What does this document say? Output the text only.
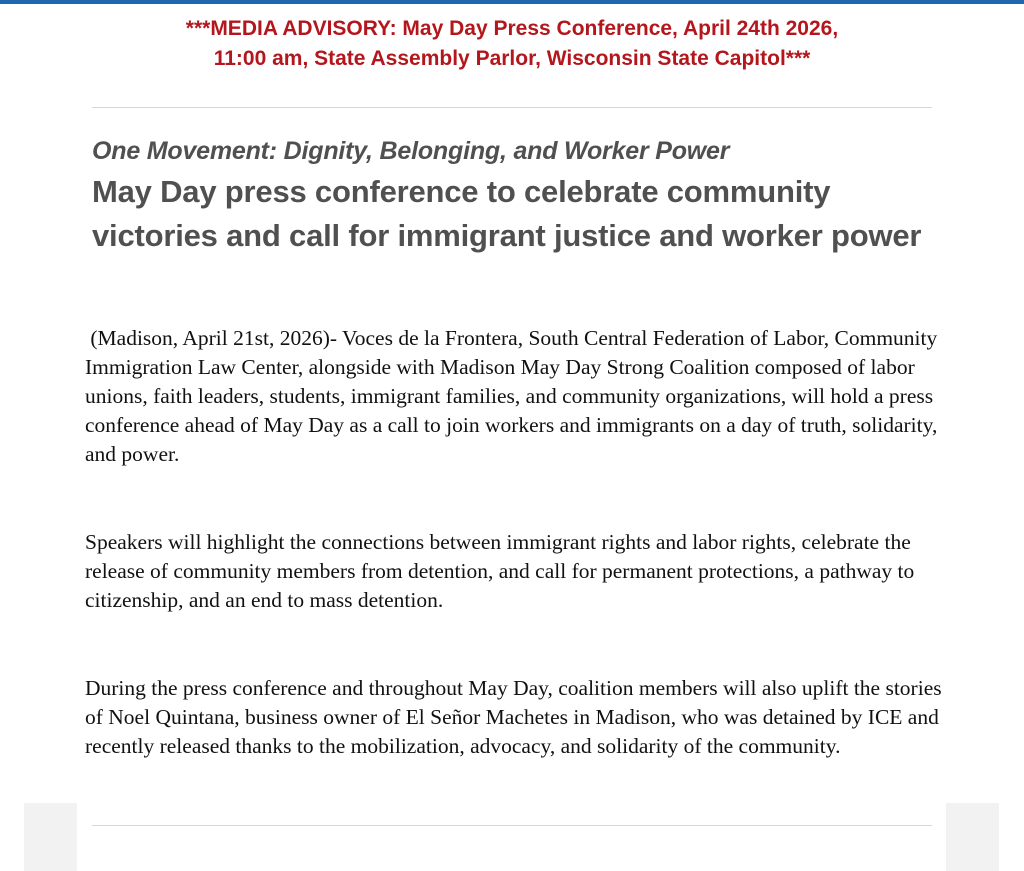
***MEDIA ADVISORY: May Day Press Conference, April 24th 2026,
11:00 am, State Assembly Parlor, Wisconsin State Capitol***
One Movement: Dignity, Belonging, and Worker Power
May Day press conference to celebrate community victories and call for immigrant justice and worker power

(Madison, April 21st, 2026)- Voces de la Frontera, South Central Federation of Labor, Community Immigration Law Center, alongside with Madison May Day Strong Coalition composed of labor unions, faith leaders, students, immigrant families, and community organizations, will hold a press conference ahead of May Day as a call to join workers and immigrants on a day of truth, solidarity, and power.

Speakers will highlight the connections between immigrant rights and labor rights, celebrate the release of community members from detention, and call for permanent protections, a pathway to citizenship, and an end to mass detention.

During the press conference and throughout May Day, coalition members will also uplift the stories of Noel Quintana, business owner of El Señor Machetes in Madison, who was detained by ICE and recently released thanks to the mobilization, advocacy, and solidarity of the community.
